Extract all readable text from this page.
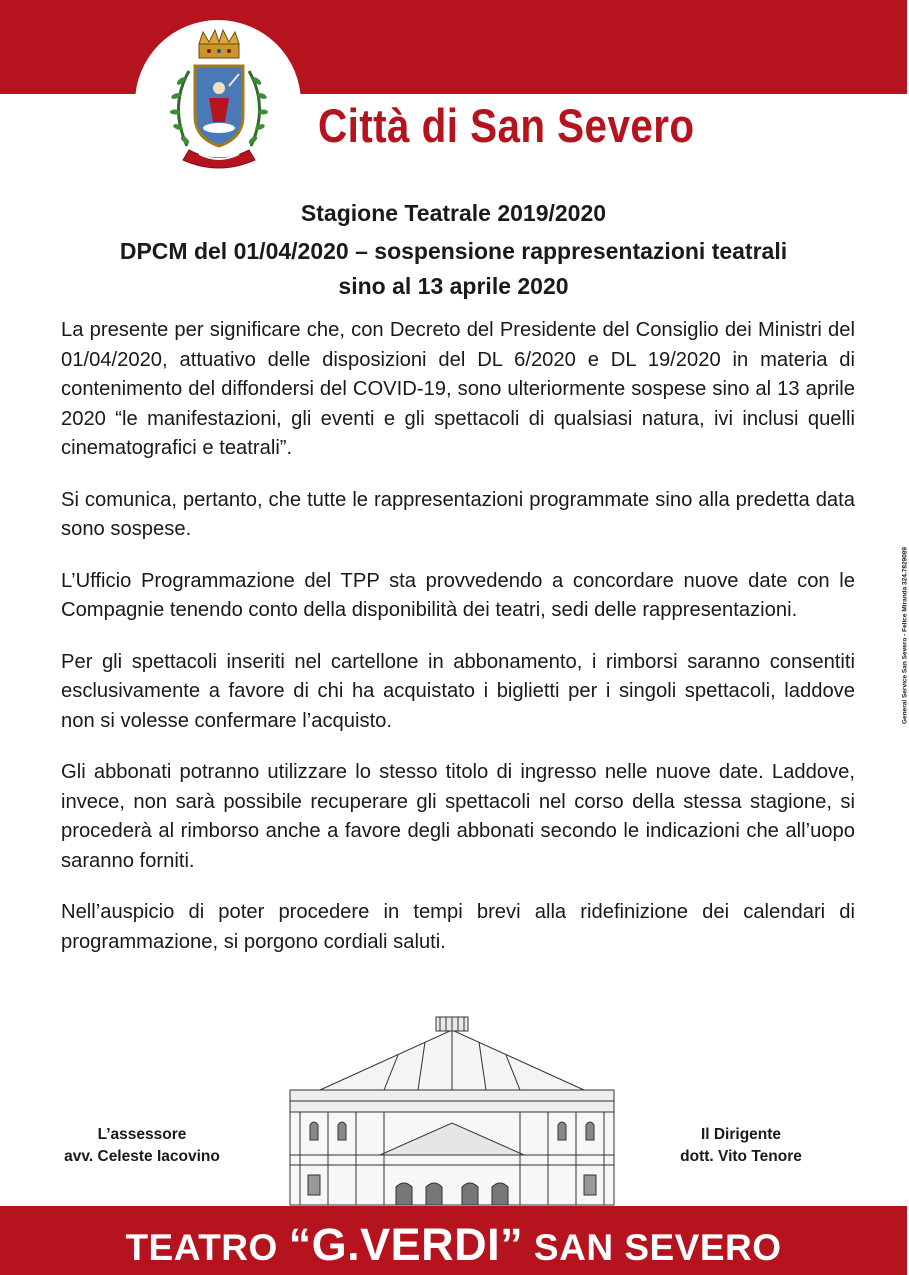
Città di San Severo
Stagione Teatrale 2019/2020
DPCM del 01/04/2020 – sospensione rappresentazioni teatrali
sino al 13 aprile 2020

La presente per significare che, con Decreto del Presidente del Consiglio dei Ministri del 01/04/2020, attuativo delle disposizioni del DL 6/2020 e DL 19/2020 in materia di contenimento del diffondersi del COVID-19, sono ulteriormente sospese sino al 13 aprile 2020 “le manifestazioni, gli eventi e gli spettacoli di qualsiasi natura, ivi inclusi quelli cinematografici e teatrali”.

Si comunica, pertanto, che tutte le rappresentazioni programmate sino alla predetta data sono sospese.

L’Ufficio Programmazione del TPP sta provvedendo a concordare nuove date con le Compagnie tenendo conto della disponibilità dei teatri, sedi delle rappresentazioni.

Per gli spettacoli inseriti nel cartellone in abbonamento, i rimborsi saranno consentiti esclusivamente a favore di chi ha acquistato i biglietti per i singoli spettacoli, laddove non si volesse confermare l’acquisto.

Gli abbonati potranno utilizzare lo stesso titolo di ingresso nelle nuove date. Laddove, invece, non sarà possibile recuperare gli spettacoli nel corso della stessa stagione, si procederà al rimborso anche a favore degli abbonati secondo le indicazioni che all’uopo saranno forniti.

Nell’auspicio di poter procedere in tempi brevi alla ridefinizione dei calendari di programmazione, si porgono cordiali saluti.

General Service San Severo - Felice Miranda 324.7829089
L’assessore
avv. Celeste Iacovino
Il Dirigente
dott. Vito Tenore
TEATRO “G.VERDI” SAN SEVERO
